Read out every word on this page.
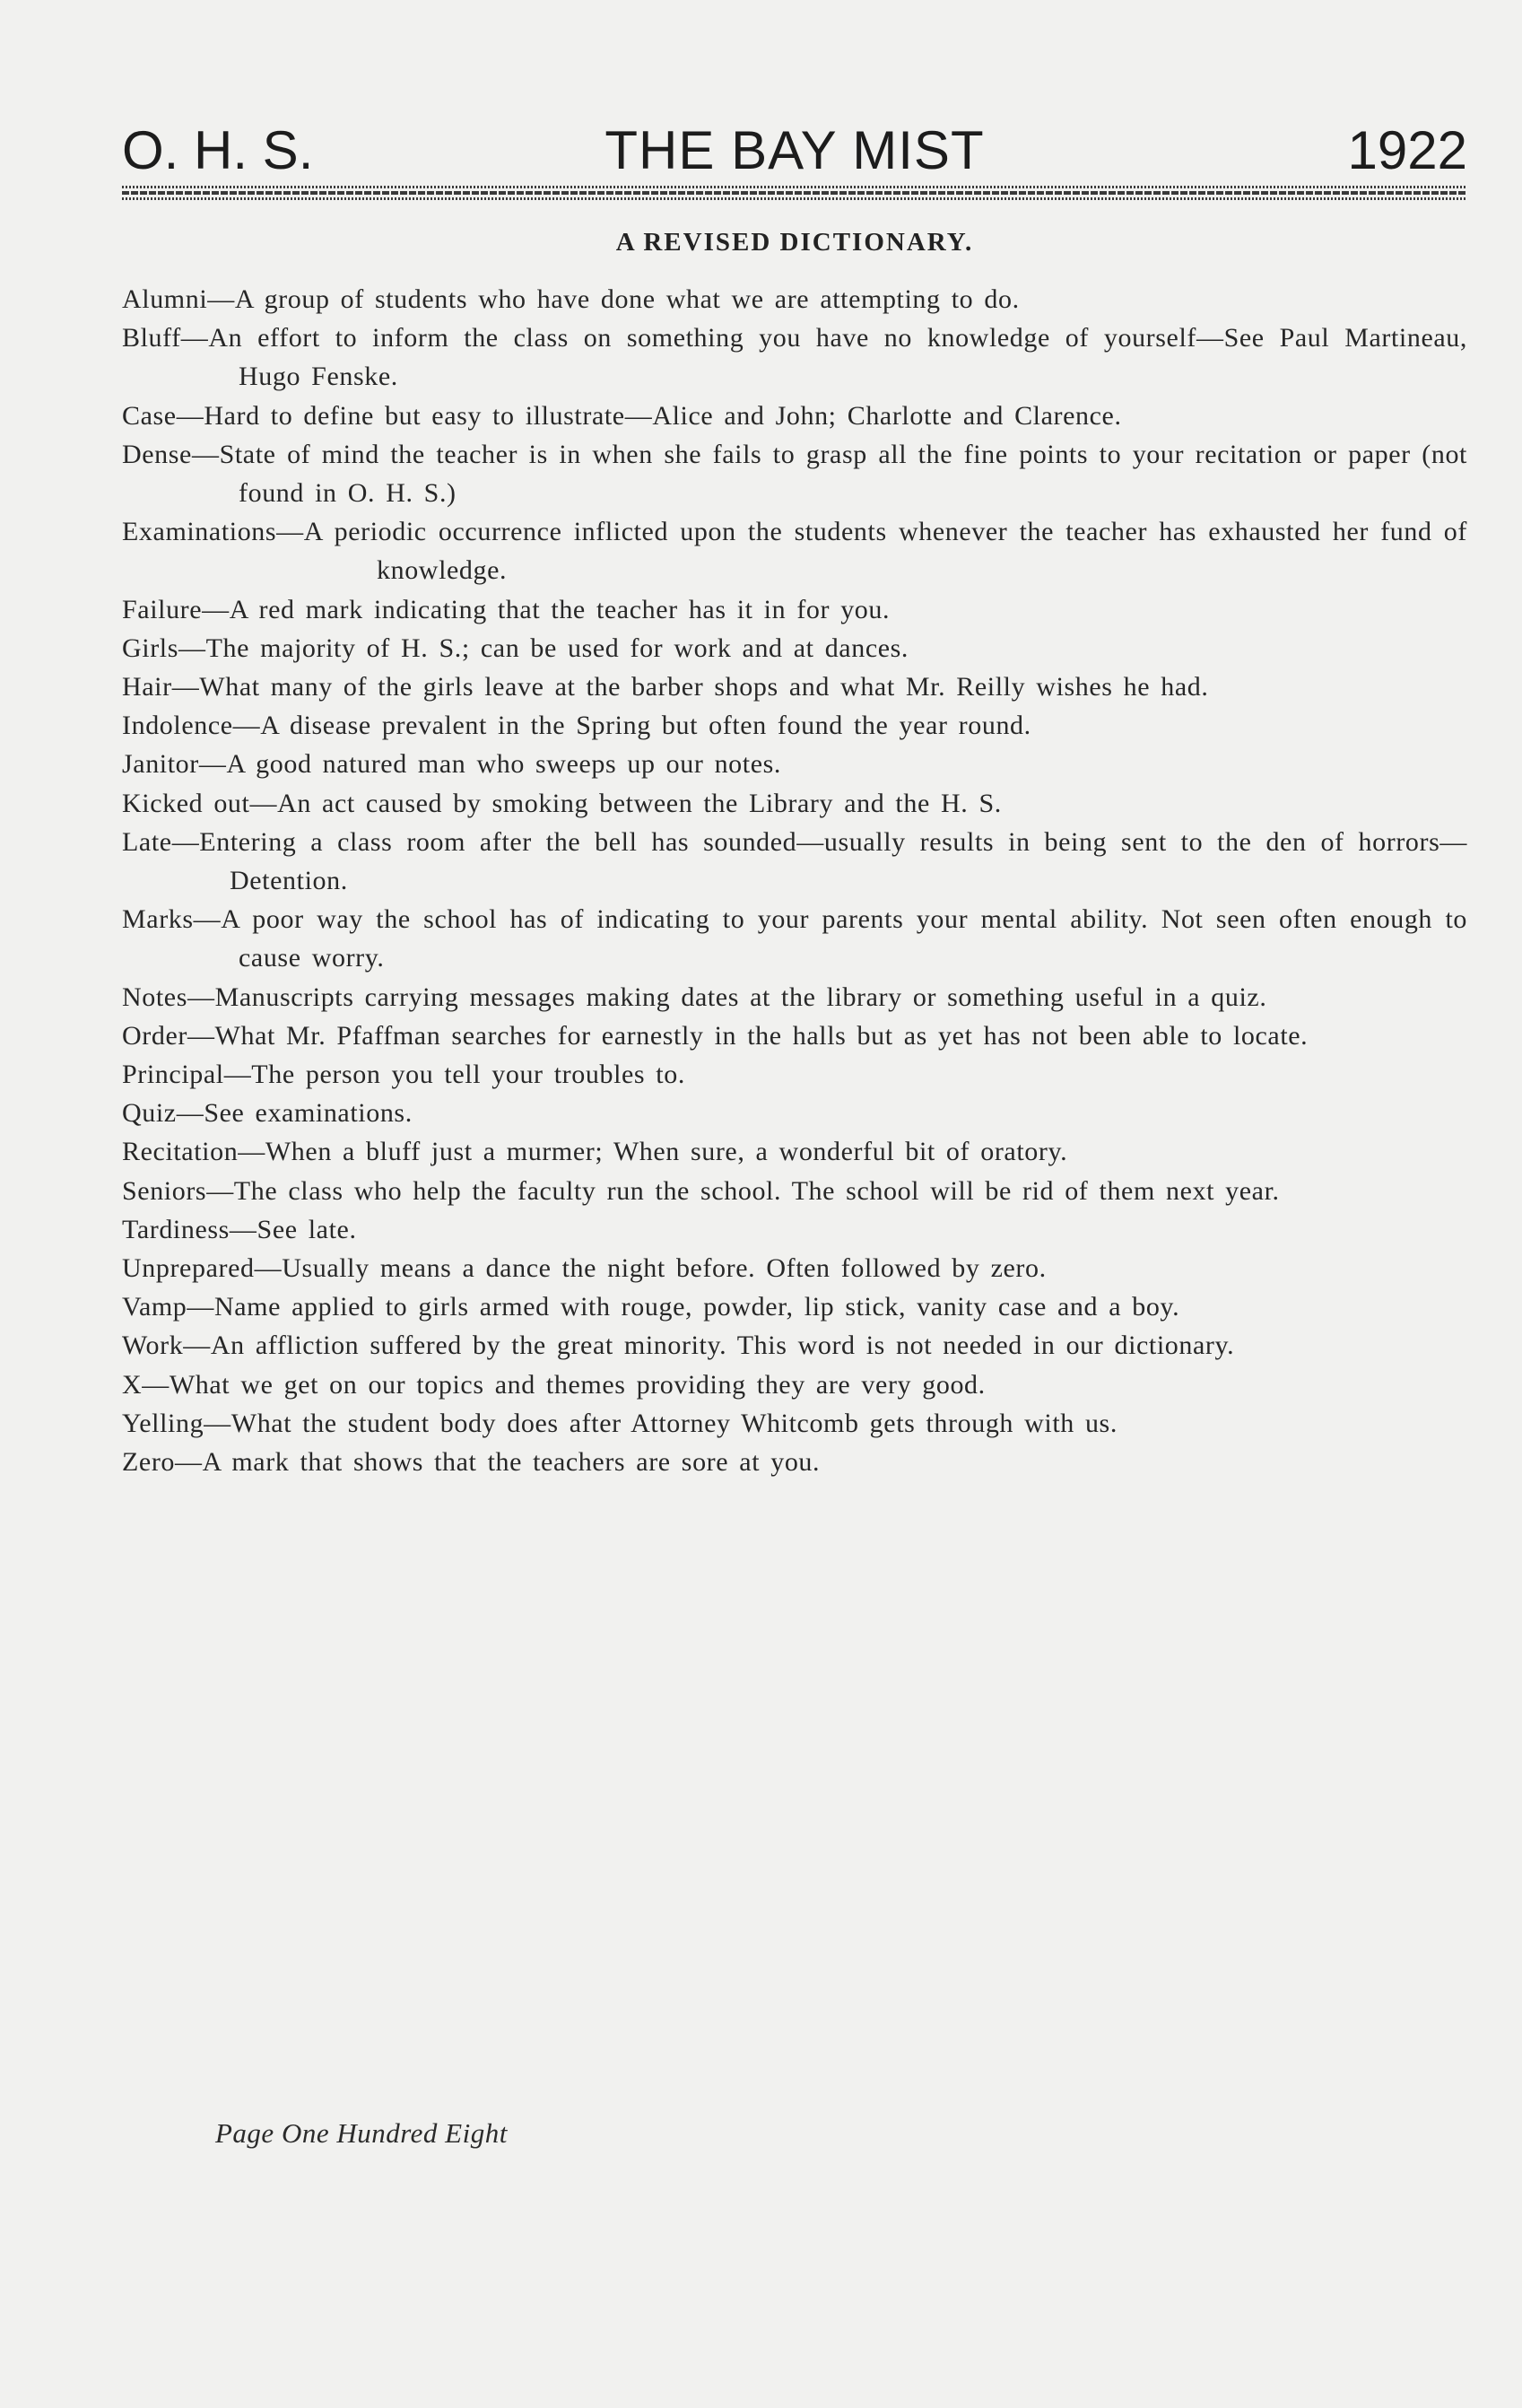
THE BAY MIST
O. H. S.	1922
A REVISED DICTIONARY.
Alumni—A group of students who have done what we are attempting to do.
Bluff—An effort to inform the class on something you have no knowledge of yourself—See Paul Martineau, Hugo Fenske.
Case—Hard to define but easy to illustrate—Alice and John; Charlotte and Clarence.
Dense—State of mind the teacher is in when she fails to grasp all the fine points to your recitation or paper (not found in O. H. S.)
Examinations—A periodic occurrence inflicted upon the students whenever the teacher has exhausted her fund of knowledge.
Failure—A red mark indicating that the teacher has it in for you.
Girls—The majority of H. S.; can be used for work and at dances.
Hair—What many of the girls leave at the barber shops and what Mr. Reilly wishes he had.
Indolence—A disease prevalent in the Spring but often found the year round.
Janitor—A good natured man who sweeps up our notes.
Kicked out—An act caused by smoking between the Library and the H. S.
Late—Entering a class room after the bell has sounded—usually results in being sent to the den of horrors—Detention.
Marks—A poor way the school has of indicating to your parents your mental ability. Not seen often enough to cause worry.
Notes—Manuscripts carrying messages making dates at the library or something useful in a quiz.
Order—What Mr. Pfaffman searches for earnestly in the halls but as yet has not been able to locate.
Principal—The person you tell your troubles to.
Quiz—See examinations.
Recitation—When a bluff just a murmer; When sure, a wonderful bit of oratory.
Seniors—The class who help the faculty run the school. The school will be rid of them next year.
Tardiness—See late.
Unprepared—Usually means a dance the night before. Often followed by zero.
Vamp—Name applied to girls armed with rouge, powder, lip stick, vanity case and a boy.
Work—An affliction suffered by the great minority. This word is not needed in our dictionary.
X—What we get on our topics and themes providing they are very good.
Yelling—What the student body does after Attorney Whitcomb gets through with us.
Zero—A mark that shows that the teachers are sore at you.
Page One Hundred Eight
